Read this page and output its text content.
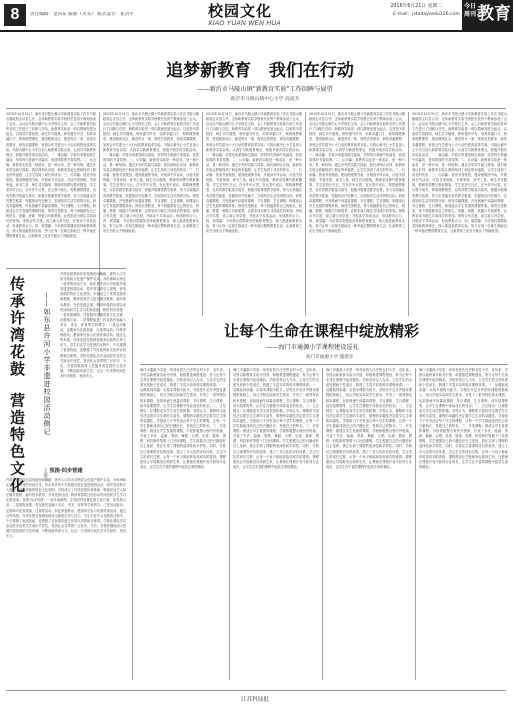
8	责任编辑：金向东 版面（页头） 版式设计：崔涛平	校园文化
XIAO YUAN WEN HUA
2016年6月21日 星期二
E-mail：jstodaysedu126.com
今日
周刊 教育
追梦新教育   我们在行动
——新沂市马陵山镇"新教育实验"工作回眸与展望
新沂市马陵山镇中心小学 高富杰
2015年10月31日，新沂市马陵山镇小学新教育实验工作在马陵山镇政府会议室召开，全体新教育实验学校校长及骨干教师参加了会议。会议由马陵山镇中心小学校长主持，会上对新教育实验的各项工作进行了回顾与总结。新教育实验是一项以教师发展为起点，以营造书香校园、师生共写随笔、聆听窗外声音、培养卓越口才、构筑理想课堂、建设数码社区、推进每月一事、缔造完美教室、研发卓越课程、家校合作共建为十大行动的教育改革实验。马陵山镇中心小学自加入新教育实验以来，认真学习新教育理念，积极开展各项实验活动。一、缘由篇：学校历来重视师生阅读，坚持每天晨诵午读暮省，营造浓厚的书香氛围。二、认识篇：新教育实验是一种追求，是一种行动，是一种信仰。通过多年的实践与探索，我们深刻认识到，新教育实验让教师找到了职业的幸福感，让学生找到了成长的快乐。三、行动篇：营造书香校园，建设班级图书角，开展读书节活动，评选书香班级、书香家庭、读书之星。师生共写随笔，教师坚持撰写教育随笔，学生坚持写日记，在写作中反思，在反思中成长。构筑理想课堂，以有效教学框架为指导，积极开展课堂教学改革，努力实现落实有效教学框架、发掘知识内在魅力、实现知识生活共鸣的目标。研发卓越课程，开发晨诵午读暮省课程、节日课程、生日课程，构建适合学生发展的课程体系。缔造完美教室，每个班级都有自己的班名、班徽、班歌、班级口号和愿景，让教室成为师生共同成长的家园。家校合作共建，成立新父母学校，开展亲子共读活动，形成教育合力。四、展望篇：今后我们将继续坚持新教育理念，深入推进新教育实验，努力让每一位师生都能过一种幸福完整的教育生活，让新教育之花在马陵山下绚丽绽放。
2015年10月31日，新沂市马陵山镇小学新教育实验工作在马陵山镇政府会议室召开，全体新教育实验学校校长及骨干教师参加了会议。会议由马陵山镇中心小学校长主持，会上对新教育实验的各项工作进行了回顾与总结。新教育实验是一项以教师发展为起点，以营造书香校园、师生共写随笔、聆听窗外声音、培养卓越口才、构筑理想课堂、建设数码社区、推进每月一事、缔造完美教室、研发卓越课程、家校合作共建为十大行动的教育改革实验。马陵山镇中心小学自加入新教育实验以来，认真学习新教育理念，积极开展各项实验活动。一、缘由篇：学校历来重视师生阅读，坚持每天晨诵午读暮省，营造浓厚的书香氛围。二、认识篇：新教育实验是一种追求，是一种行动，是一种信仰。通过多年的实践与探索，我们深刻认识到，新教育实验让教师找到了职业的幸福感，让学生找到了成长的快乐。三、行动篇：营造书香校园，建设班级图书角，开展读书节活动，评选书香班级、书香家庭、读书之星。师生共写随笔，教师坚持撰写教育随笔，学生坚持写日记，在写作中反思，在反思中成长。构筑理想课堂，以有效教学框架为指导，积极开展课堂教学改革，努力实现落实有效教学框架、发掘知识内在魅力、实现知识生活共鸣的目标。研发卓越课程，开发晨诵午读暮省课程、节日课程、生日课程，构建适合学生发展的课程体系。缔造完美教室，每个班级都有自己的班名、班徽、班歌、班级口号和愿景，让教室成为师生共同成长的家园。家校合作共建，成立新父母学校，开展亲子共读活动，形成教育合力。四、展望篇：今后我们将继续坚持新教育理念，深入推进新教育实验，努力让每一位师生都能过一种幸福完整的教育生活，让新教育之花在马陵山下绚丽绽放。
2015年10月31日，新沂市马陵山镇小学新教育实验工作在马陵山镇政府会议室召开，全体新教育实验学校校长及骨干教师参加了会议。会议由马陵山镇中心小学校长主持，会上对新教育实验的各项工作进行了回顾与总结。新教育实验是一项以教师发展为起点，以营造书香校园、师生共写随笔、聆听窗外声音、培养卓越口才、构筑理想课堂、建设数码社区、推进每月一事、缔造完美教室、研发卓越课程、家校合作共建为十大行动的教育改革实验。马陵山镇中心小学自加入新教育实验以来，认真学习新教育理念，积极开展各项实验活动。一、缘由篇：学校历来重视师生阅读，坚持每天晨诵午读暮省，营造浓厚的书香氛围。二、认识篇：新教育实验是一种追求，是一种行动，是一种信仰。通过多年的实践与探索，我们深刻认识到，新教育实验让教师找到了职业的幸福感，让学生找到了成长的快乐。三、行动篇：营造书香校园，建设班级图书角，开展读书节活动，评选书香班级、书香家庭、读书之星。师生共写随笔，教师坚持撰写教育随笔，学生坚持写日记，在写作中反思，在反思中成长。构筑理想课堂，以有效教学框架为指导，积极开展课堂教学改革，努力实现落实有效教学框架、发掘知识内在魅力、实现知识生活共鸣的目标。研发卓越课程，开发晨诵午读暮省课程、节日课程、生日课程，构建适合学生发展的课程体系。缔造完美教室，每个班级都有自己的班名、班徽、班歌、班级口号和愿景，让教室成为师生共同成长的家园。家校合作共建，成立新父母学校，开展亲子共读活动，形成教育合力。四、展望篇：今后我们将继续坚持新教育理念，深入推进新教育实验，努力让每一位师生都能过一种幸福完整的教育生活，让新教育之花在马陵山下绚丽绽放。
2015年10月31日，新沂市马陵山镇小学新教育实验工作在马陵山镇政府会议室召开，全体新教育实验学校校长及骨干教师参加了会议。会议由马陵山镇中心小学校长主持，会上对新教育实验的各项工作进行了回顾与总结。新教育实验是一项以教师发展为起点，以营造书香校园、师生共写随笔、聆听窗外声音、培养卓越口才、构筑理想课堂、建设数码社区、推进每月一事、缔造完美教室、研发卓越课程、家校合作共建为十大行动的教育改革实验。马陵山镇中心小学自加入新教育实验以来，认真学习新教育理念，积极开展各项实验活动。一、缘由篇：学校历来重视师生阅读，坚持每天晨诵午读暮省，营造浓厚的书香氛围。二、认识篇：新教育实验是一种追求，是一种行动，是一种信仰。通过多年的实践与探索，我们深刻认识到，新教育实验让教师找到了职业的幸福感，让学生找到了成长的快乐。三、行动篇：营造书香校园，建设班级图书角，开展读书节活动，评选书香班级、书香家庭、读书之星。师生共写随笔，教师坚持撰写教育随笔，学生坚持写日记，在写作中反思，在反思中成长。构筑理想课堂，以有效教学框架为指导，积极开展课堂教学改革，努力实现落实有效教学框架、发掘知识内在魅力、实现知识生活共鸣的目标。研发卓越课程，开发晨诵午读暮省课程、节日课程、生日课程，构建适合学生发展的课程体系。缔造完美教室，每个班级都有自己的班名、班徽、班歌、班级口号和愿景，让教室成为师生共同成长的家园。家校合作共建，成立新父母学校，开展亲子共读活动，形成教育合力。四、展望篇：今后我们将继续坚持新教育理念，深入推进新教育实验，努力让每一位师生都能过一种幸福完整的教育生活，让新教育之花在马陵山下绚丽绽放。
2015年10月31日，新沂市马陵山镇小学新教育实验工作在马陵山镇政府会议室召开，全体新教育实验学校校长及骨干教师参加了会议。会议由马陵山镇中心小学校长主持，会上对新教育实验的各项工作进行了回顾与总结。新教育实验是一项以教师发展为起点，以营造书香校园、师生共写随笔、聆听窗外声音、培养卓越口才、构筑理想课堂、建设数码社区、推进每月一事、缔造完美教室、研发卓越课程、家校合作共建为十大行动的教育改革实验。马陵山镇中心小学自加入新教育实验以来，认真学习新教育理念，积极开展各项实验活动。一、缘由篇：学校历来重视师生阅读，坚持每天晨诵午读暮省，营造浓厚的书香氛围。二、认识篇：新教育实验是一种追求，是一种行动，是一种信仰。通过多年的实践与探索，我们深刻认识到，新教育实验让教师找到了职业的幸福感，让学生找到了成长的快乐。三、行动篇：营造书香校园，建设班级图书角，开展读书节活动，评选书香班级、书香家庭、读书之星。师生共写随笔，教师坚持撰写教育随笔，学生坚持写日记，在写作中反思，在反思中成长。构筑理想课堂，以有效教学框架为指导，积极开展课堂教学改革，努力实现落实有效教学框架、发掘知识内在魅力、实现知识生活共鸣的目标。研发卓越课程，开发晨诵午读暮省课程、节日课程、生日课程，构建适合学生发展的课程体系。缔造完美教室，每个班级都有自己的班名、班徽、班歌、班级口号和愿景，让教室成为师生共同成长的家园。家校合作共建，成立新父母学校，开展亲子共读活动，形成教育合力。四、展望篇：今后我们将继续坚持新教育理念，深入推进新教育实验，努力让每一位师生都能过一种幸福完整的教育生活，让新教育之花在马陵山下绚丽绽放。
传承许湾花鼓  营造特色文化 ——如东县许河小学非遗进校园活动侧记
王勇
许湾花鼓是如东县传统民间舞蹈，被列入江苏省非物质文化遗产保护名录。为传承和弘扬这一优秀的民间艺术，如东县许河小学积极开展非遗进校园活动，将许湾花鼓引入校园，营造浓郁的特色文化氛围。学校成立了许湾花鼓传承基地，聘请民间艺人担任辅导教师，编写校本教材，开设花鼓社团，利用每周的社团活动时间组织学生学习花鼓表演。氛围·四步营建：一是环境熏陶，在校园内设置花鼓文化长廊、花鼓展示室；二是课程渗透，将花鼓内容融入音乐、美术、体育等学科教学；三是活动推动，定期举办花鼓展演、比赛等活动；四是家校联动，邀请家长参与花鼓传承活动。通过这些举措，许湾花鼓在校园里焕发出新的生机与活力，学生们在学习花鼓的过程中，不仅掌握了表演技能，更增强了对民族传统文化的认同感和自豪感。学校花鼓队多次参加县市各类文艺演出并获奖，受到社会各界的广泛好评。今后，学校将继续深入挖掘许湾花鼓的文化内涵，不断创新传承方式，让这一古老的民间艺术代代相传，发扬光大。
氛围·四步营建
许湾花鼓是如东县传统民间舞蹈，被列入江苏省非物质文化遗产保护名录。为传承和弘扬这一优秀的民间艺术，如东县许河小学积极开展非遗进校园活动，将许湾花鼓引入校园，营造浓郁的特色文化氛围。学校成立了许湾花鼓传承基地，聘请民间艺人担任辅导教师，编写校本教材，开设花鼓社团，利用每周的社团活动时间组织学生学习花鼓表演。氛围·四步营建：一是环境熏陶，在校园内设置花鼓文化长廊、花鼓展示室；二是课程渗透，将花鼓内容融入音乐、美术、体育等学科教学；三是活动推动，定期举办花鼓展演、比赛等活动；四是家校联动，邀请家长参与花鼓传承活动。通过这些举措，许湾花鼓在校园里焕发出新的生机与活力，学生们在学习花鼓的过程中，不仅掌握了表演技能，更增强了对民族传统文化的认同感和自豪感。学校花鼓队多次参加县市各类文艺演出并获奖，受到社会各界的广泛好评。今后，学校将继续深入挖掘许湾花鼓的文化内涵，不断创新传承方式，让这一古老的民间艺术代代相传，发扬光大。
让每个生命在课程中绽放精彩
——海门市通源小学课程建设巡礼
海门市通源小学 施建东
海门市通源小学是一所具有悠久历史的农村小学，近年来，学校以新教育实验为引领，积极推进课程建设，努力让每个生命在课程中绽放精彩。学校坚持以人为本，立足学生的全面发展和个性成长，构建了丰富多彩的校本课程体系。一、从精致到卓越：以校本课程为抓手。学校在开足开齐国家课程的基础上，结合学校实际和学生需求，开发了一系列特色校本课程，包括晨诵午读暮省课程、节日课程、生日课程、读写绘课程等，让学生在课程中体验成长的快乐。二、立足理念：让课程成为学生成长的阶梯。学校认为，课程的丰富性决定着学生生命的丰富性，课程的卓越性决定着学生生命的卓越性。学校致力于开发适合每个学生的课程，让每一个学生都能找到自己的兴趣所在，发展自己的特长。三、开发课程：做适合学生发展的课程。学校积极整合校内外资源，开设了书法、绘画、剪纸、舞蹈、合唱、足球、篮球、围棋、科技制作等数十门社团课程，学生根据自己的兴趣爱好自主选择，真正实现了课程的选择性和多样性。同时，学校还注重课程评价的改革，建立了多元化的评价体系，关注学生的成长过程，让每一个孩子都能体验到成功的喜悦。课程建设让学校焕发出勃勃生机，让教师在课程开发中获得专业成长，让学生在丰富的课程中绽放生命的精彩。
海门市通源小学是一所具有悠久历史的农村小学，近年来，学校以新教育实验为引领，积极推进课程建设，努力让每个生命在课程中绽放精彩。学校坚持以人为本，立足学生的全面发展和个性成长，构建了丰富多彩的校本课程体系。一、从精致到卓越：以校本课程为抓手。学校在开足开齐国家课程的基础上，结合学校实际和学生需求，开发了一系列特色校本课程，包括晨诵午读暮省课程、节日课程、生日课程、读写绘课程等，让学生在课程中体验成长的快乐。二、立足理念：让课程成为学生成长的阶梯。学校认为，课程的丰富性决定着学生生命的丰富性，课程的卓越性决定着学生生命的卓越性。学校致力于开发适合每个学生的课程，让每一个学生都能找到自己的兴趣所在，发展自己的特长。三、开发课程：做适合学生发展的课程。学校积极整合校内外资源，开设了书法、绘画、剪纸、舞蹈、合唱、足球、篮球、围棋、科技制作等数十门社团课程，学生根据自己的兴趣爱好自主选择，真正实现了课程的选择性和多样性。同时，学校还注重课程评价的改革，建立了多元化的评价体系，关注学生的成长过程，让每一个孩子都能体验到成功的喜悦。课程建设让学校焕发出勃勃生机，让教师在课程开发中获得专业成长，让学生在丰富的课程中绽放生命的精彩。
海门市通源小学是一所具有悠久历史的农村小学，近年来，学校以新教育实验为引领，积极推进课程建设，努力让每个生命在课程中绽放精彩。学校坚持以人为本，立足学生的全面发展和个性成长，构建了丰富多彩的校本课程体系。一、从精致到卓越：以校本课程为抓手。学校在开足开齐国家课程的基础上，结合学校实际和学生需求，开发了一系列特色校本课程，包括晨诵午读暮省课程、节日课程、生日课程、读写绘课程等，让学生在课程中体验成长的快乐。二、立足理念：让课程成为学生成长的阶梯。学校认为，课程的丰富性决定着学生生命的丰富性，课程的卓越性决定着学生生命的卓越性。学校致力于开发适合每个学生的课程，让每一个学生都能找到自己的兴趣所在，发展自己的特长。三、开发课程：做适合学生发展的课程。学校积极整合校内外资源，开设了书法、绘画、剪纸、舞蹈、合唱、足球、篮球、围棋、科技制作等数十门社团课程，学生根据自己的兴趣爱好自主选择，真正实现了课程的选择性和多样性。同时，学校还注重课程评价的改革，建立了多元化的评价体系，关注学生的成长过程，让每一个孩子都能体验到成功的喜悦。课程建设让学校焕发出勃勃生机，让教师在课程开发中获得专业成长，让学生在丰富的课程中绽放生命的精彩。
海门市通源小学是一所具有悠久历史的农村小学，近年来，学校以新教育实验为引领，积极推进课程建设，努力让每个生命在课程中绽放精彩。学校坚持以人为本，立足学生的全面发展和个性成长，构建了丰富多彩的校本课程体系。一、从精致到卓越：以校本课程为抓手。学校在开足开齐国家课程的基础上，结合学校实际和学生需求，开发了一系列特色校本课程，包括晨诵午读暮省课程、节日课程、生日课程、读写绘课程等，让学生在课程中体验成长的快乐。二、立足理念：让课程成为学生成长的阶梯。学校认为，课程的丰富性决定着学生生命的丰富性，课程的卓越性决定着学生生命的卓越性。学校致力于开发适合每个学生的课程，让每一个学生都能找到自己的兴趣所在，发展自己的特长。三、开发课程：做适合学生发展的课程。学校积极整合校内外资源，开设了书法、绘画、剪纸、舞蹈、合唱、足球、篮球、围棋、科技制作等数十门社团课程，学生根据自己的兴趣爱好自主选择，真正实现了课程的选择性和多样性。同时，学校还注重课程评价的改革，建立了多元化的评价体系，关注学生的成长过程，让每一个孩子都能体验到成功的喜悦。课程建设让学校焕发出勃勃生机，让教师在课程开发中获得专业成长，让学生在丰富的课程中绽放生命的精彩。
江苏科技报
